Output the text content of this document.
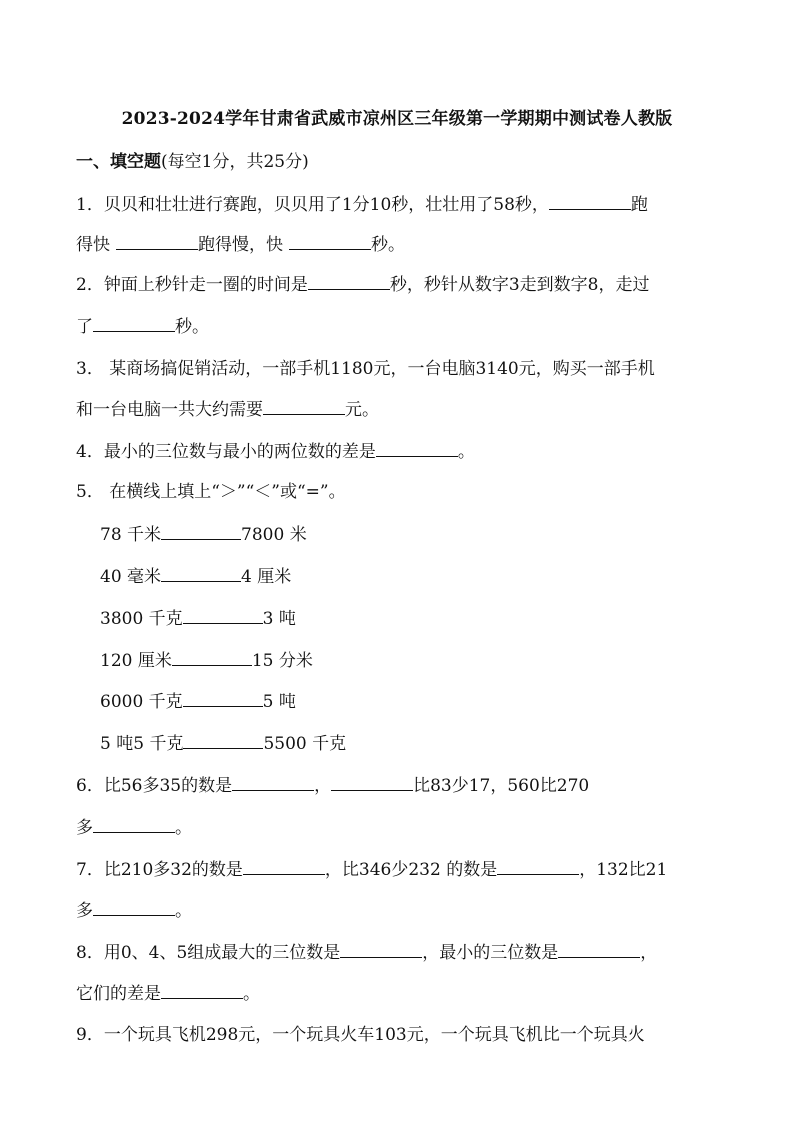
2023-2024学年甘肃省武威市凉州区三年级第一学期期中测试卷人教版
一、填空题(每空1分，共25分)
1．贝贝和壮壮进行赛跑，贝贝用了1分10秒，壮壮用了58秒，	跑
得快	跑得慢，快	秒。
2．钟面上秒针走一圈的时间是	秒，秒针从数字3走到数字8，走过
了	秒。
3． 某商场搞促销活动，一部手机1180元，一台电脑3140元，购买一部手机
和一台电脑一共大约需要	元。
4．最小的三位数与最小的两位数的差是	。
5． 在横线上填上“＞”“＜”或“=”。
78 千米	7800 米
40 毫米	4 厘米
3800 千克	3 吨
120 厘米	15 分米
6000 千克	5 吨
5 吨5 千克	5500 千克
6．比56多35的数是	，	比83少17，560比270
多	。
7．比210多32的数是	，比346少232 的数是	，132比21
多	。
8．用0、4、5组成最大的三位数是	，最小的三位数是	，
它们的差是	。
9．一个玩具飞机298元，一个玩具火车103元，一个玩具飞机比一个玩具火
